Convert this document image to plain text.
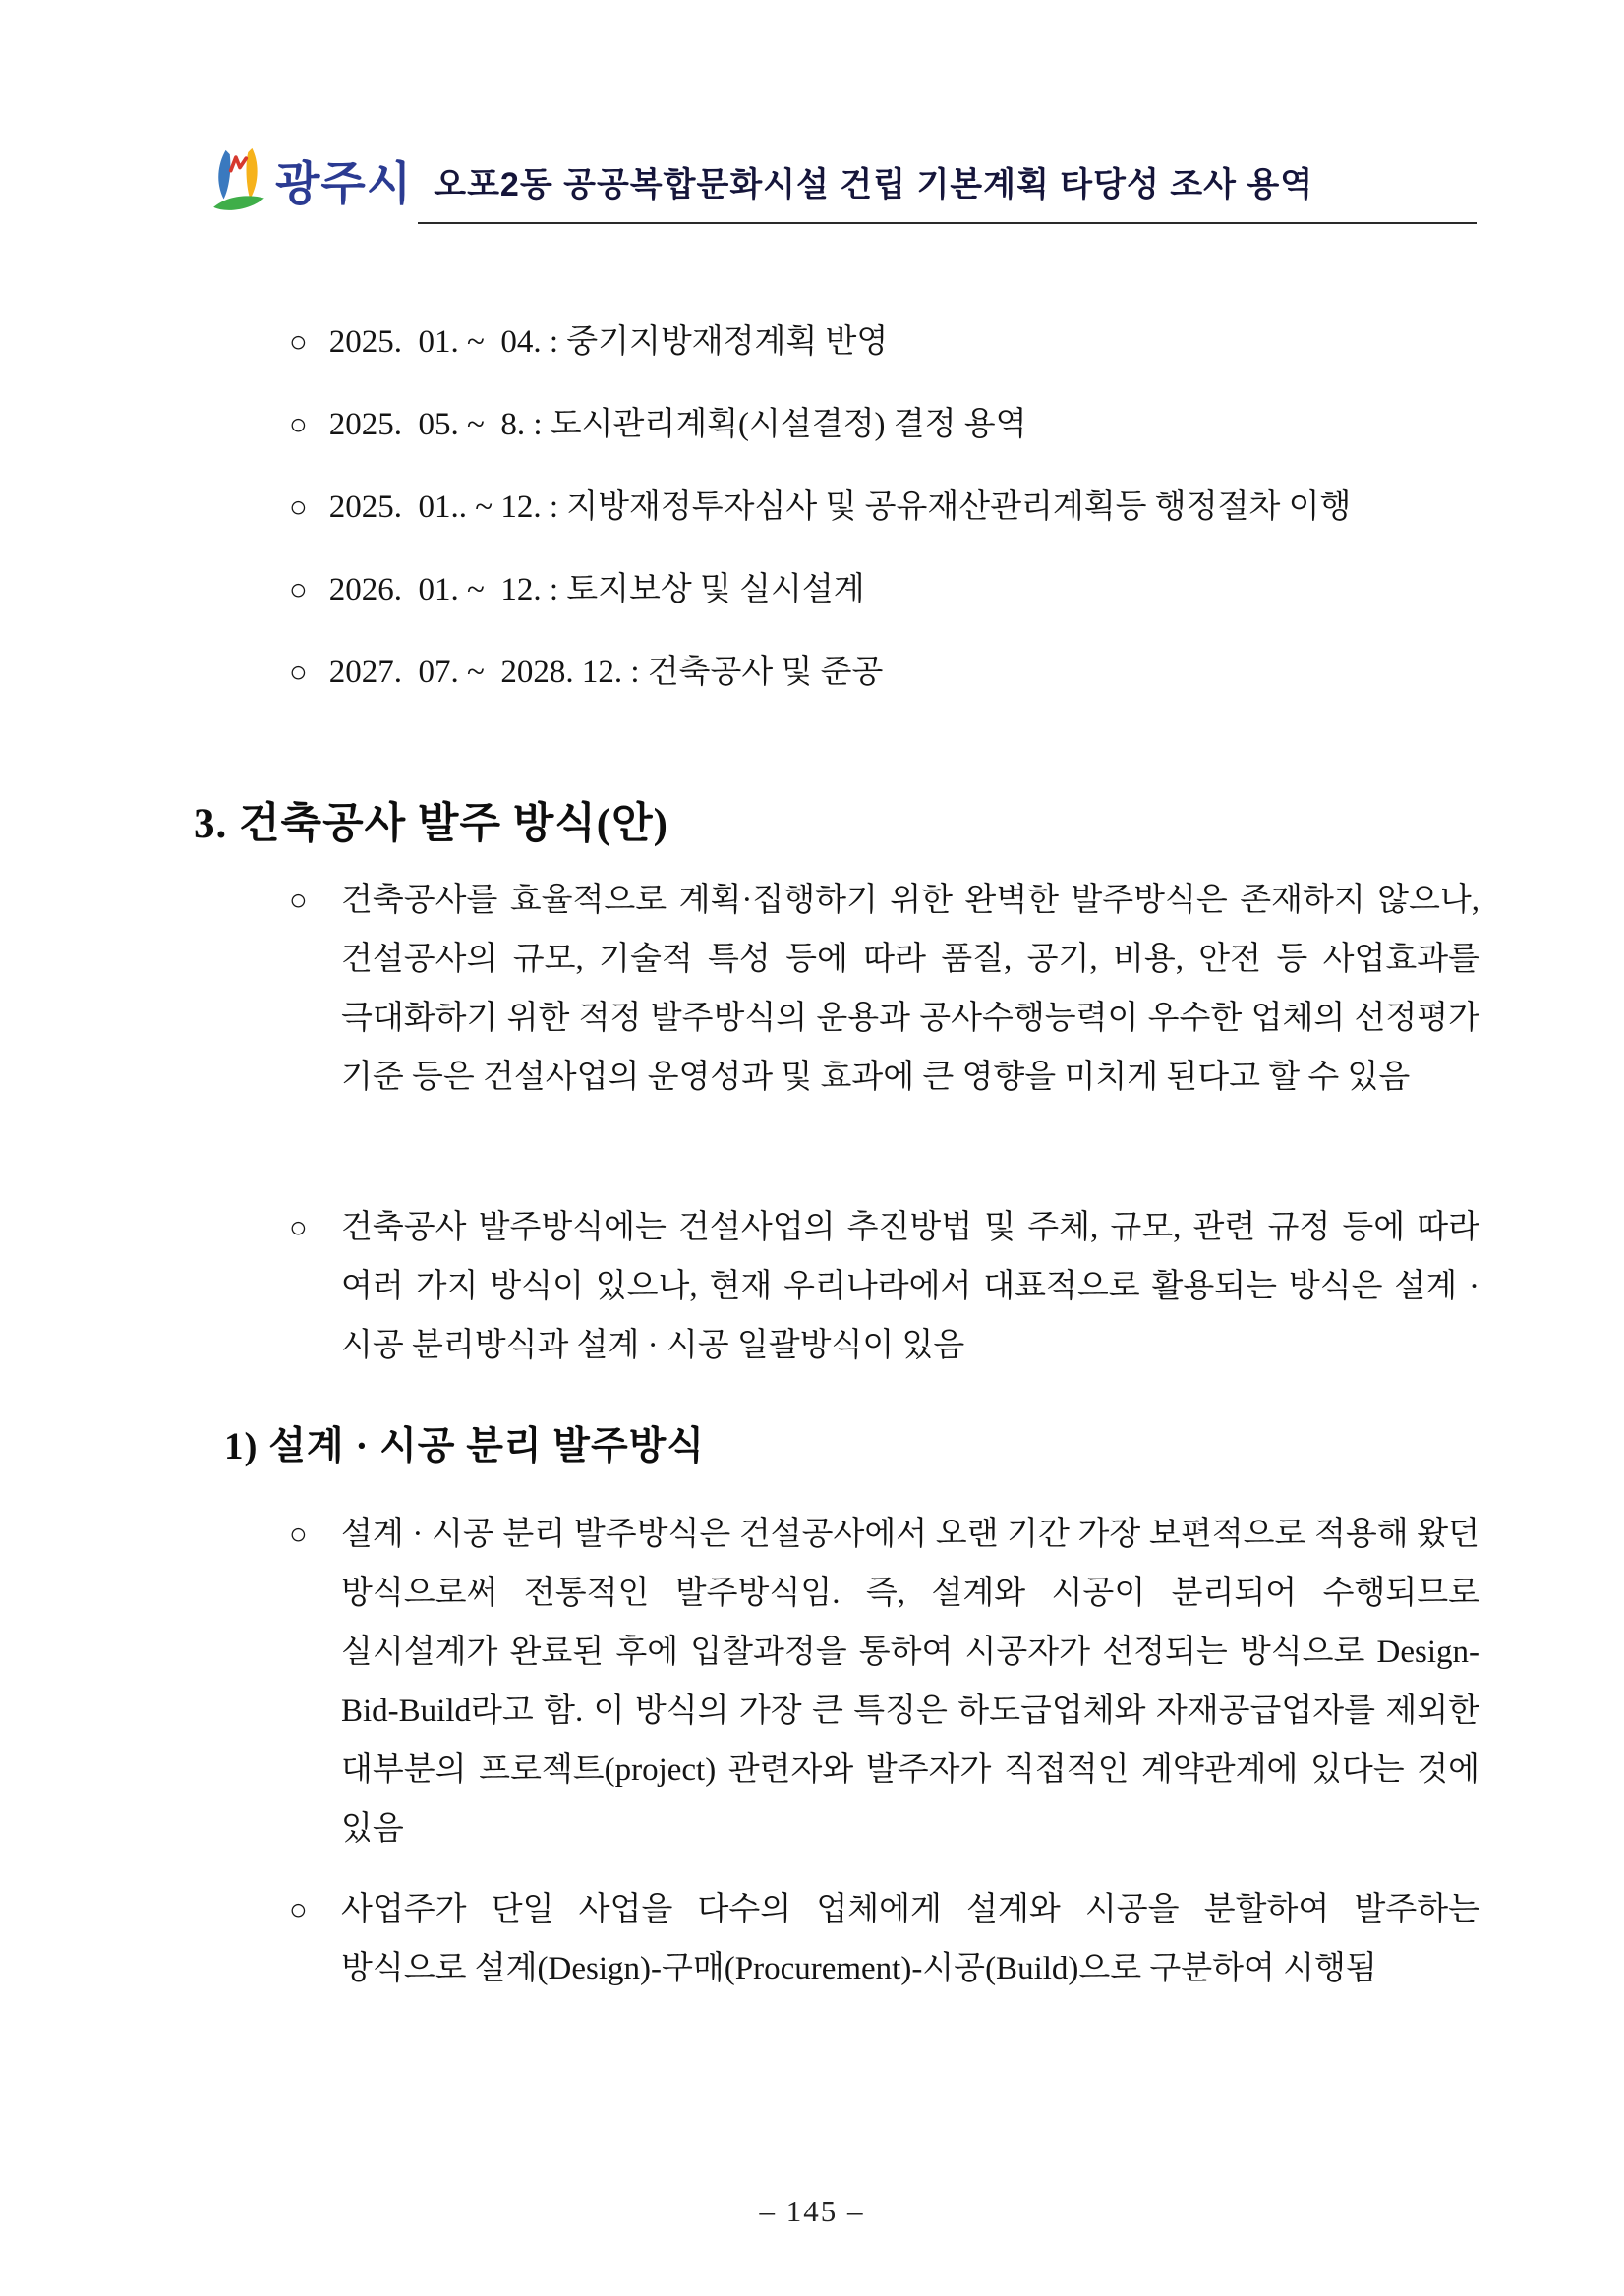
광주시 오포2동 공공복합문화시설 건립 기본계획 타당성 조사 용역
○ 2025.  01. ~  04. : 중기지방재정계획 반영
○ 2025.  05. ~  8. : 도시관리계획(시설결정) 결정 용역
○ 2025.  01.. ~ 12. : 지방재정투자심사 및 공유재산관리계획등 행정절차 이행
○ 2026.  01. ~  12. : 토지보상 및 실시설계
○ 2027.  07. ~  2028. 12. : 건축공사 및 준공
3. 건축공사 발주 방식(안)
○	건축공사를 효율적으로 계획·집행하기 위한 완벽한 발주방식은 존재하지 않으나, 건설공사의 규모, 기술적 특성 등에 따라 품질, 공기, 비용, 안전 등 사업효과를 극대화하기 위한 적정 발주방식의 운용과 공사수행능력이 우수한 업체의 선정평가 기준 등은 건설사업의 운영성과 및 효과에 큰 영향을 미치게 된다고 할 수 있음
○	건축공사 발주방식에는 건설사업의 추진방법 및 주체, 규모, 관련 규정 등에 따라 여러 가지 방식이 있으나, 현재 우리나라에서 대표적으로 활용되는 방식은 설계 · 시공 분리방식과 설계 · 시공 일괄방식이 있음
1) 설계 · 시공 분리 발주방식
○	설계 · 시공 분리 발주방식은 건설공사에서 오랜 기간 가장 보편적으로 적용해 왔던 방식으로써 전통적인 발주방식임. 즉, 설계와 시공이 분리되어 수행되므로 실시설계가 완료된 후에 입찰과정을 통하여 시공자가 선정되는 방식으로 Design-Bid-Build라고 함. 이 방식의 가장 큰 특징은 하도급업체와 자재공급업자를 제외한 대부분의 프로젝트(project) 관련자와 발주자가 직접적인 계약관계에 있다는 것에 있음
○	사업주가 단일 사업을 다수의 업체에게 설계와 시공을 분할하여 발주하는 방식으로 설계(Design)-구매(Procurement)-시공(Build)으로 구분하여 시행됨
– 145 –
